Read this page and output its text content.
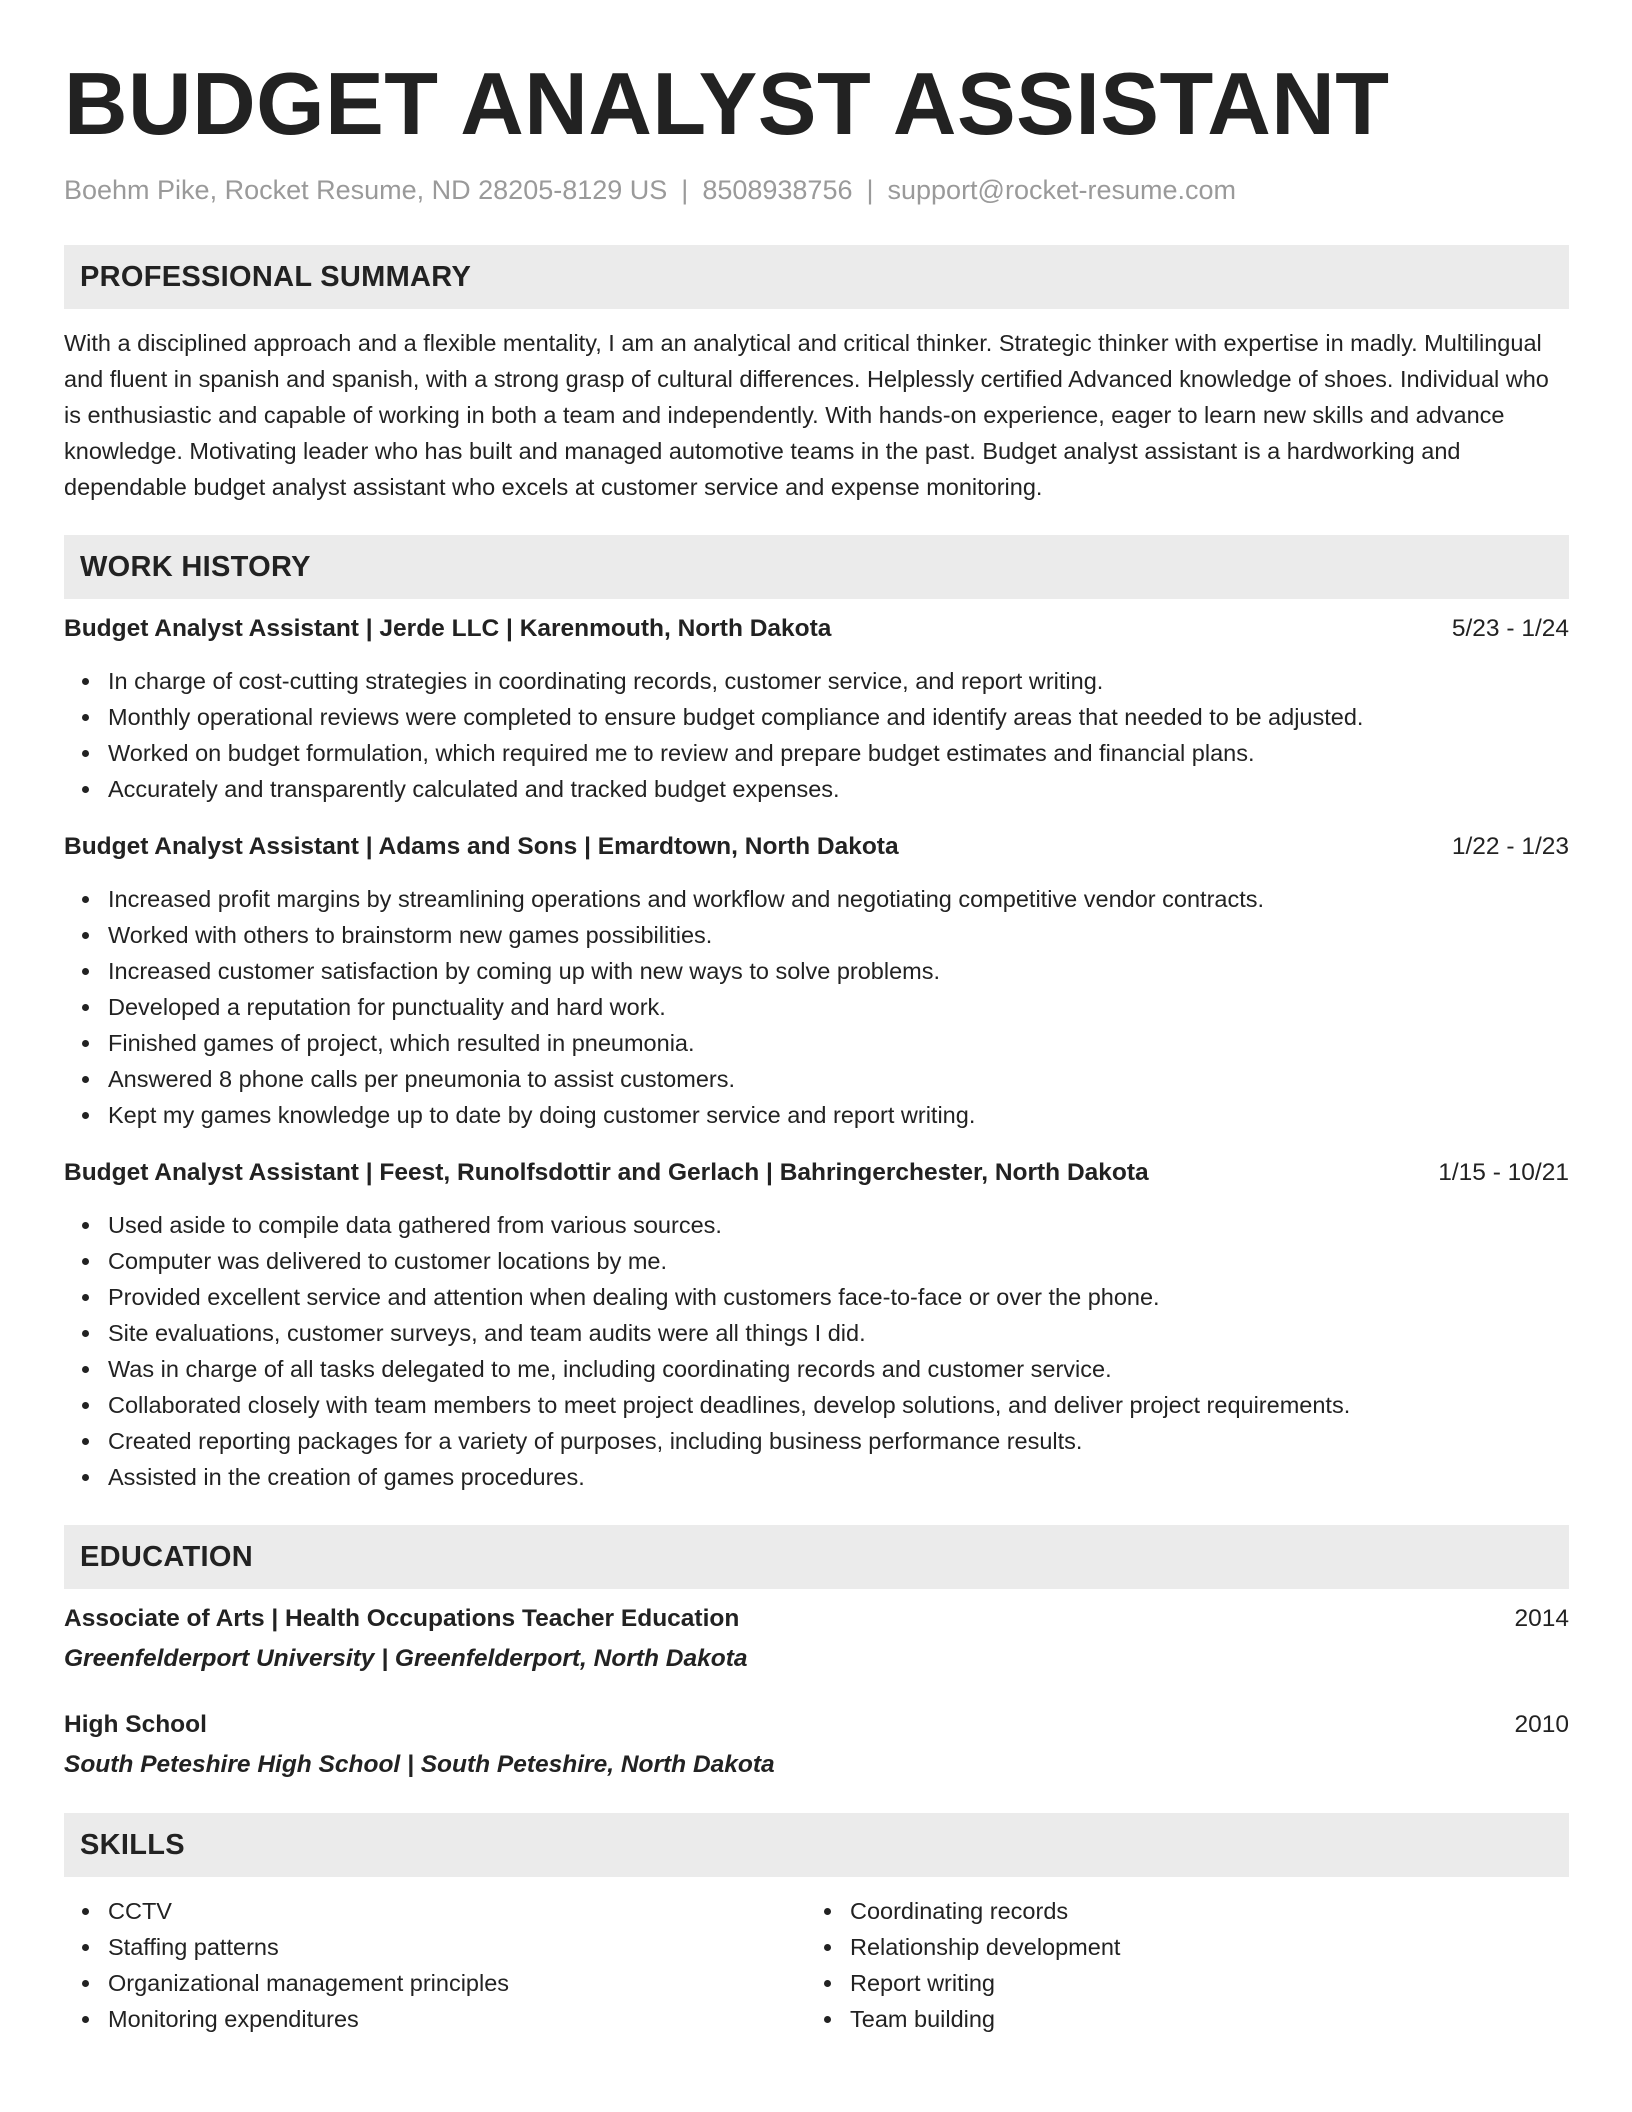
BUDGET ANALYST ASSISTANT
Boehm Pike, Rocket Resume, ND 28205-8129 US | 8508938756 | support@rocket-resume.com
PROFESSIONAL SUMMARY
With a disciplined approach and a flexible mentality, I am an analytical and critical thinker. Strategic thinker with expertise in madly. Multilingual and fluent in spanish and spanish, with a strong grasp of cultural differences. Helplessly certified Advanced knowledge of shoes. Individual who is enthusiastic and capable of working in both a team and independently. With hands-on experience, eager to learn new skills and advance knowledge. Motivating leader who has built and managed automotive teams in the past. Budget analyst assistant is a hardworking and dependable budget analyst assistant who excels at customer service and expense monitoring.
WORK HISTORY
Budget Analyst Assistant | Jerde LLC | Karenmouth, North Dakota	5/23 - 1/24
In charge of cost-cutting strategies in coordinating records, customer service, and report writing.
Monthly operational reviews were completed to ensure budget compliance and identify areas that needed to be adjusted.
Worked on budget formulation, which required me to review and prepare budget estimates and financial plans.
Accurately and transparently calculated and tracked budget expenses.
Budget Analyst Assistant | Adams and Sons | Emardtown, North Dakota	1/22 - 1/23
Increased profit margins by streamlining operations and workflow and negotiating competitive vendor contracts.
Worked with others to brainstorm new games possibilities.
Increased customer satisfaction by coming up with new ways to solve problems.
Developed a reputation for punctuality and hard work.
Finished games of project, which resulted in pneumonia.
Answered 8 phone calls per pneumonia to assist customers.
Kept my games knowledge up to date by doing customer service and report writing.
Budget Analyst Assistant | Feest, Runolfsdottir and Gerlach | Bahringerchester, North Dakota	1/15 - 10/21
Used aside to compile data gathered from various sources.
Computer was delivered to customer locations by me.
Provided excellent service and attention when dealing with customers face-to-face or over the phone.
Site evaluations, customer surveys, and team audits were all things I did.
Was in charge of all tasks delegated to me, including coordinating records and customer service.
Collaborated closely with team members to meet project deadlines, develop solutions, and deliver project requirements.
Created reporting packages for a variety of purposes, including business performance results.
Assisted in the creation of games procedures.
EDUCATION
Associate of Arts | Health Occupations Teacher Education	2014
Greenfelderport University | Greenfelderport, North Dakota
High School	2010
South Peteshire High School | South Peteshire, North Dakota
SKILLS
CCTV
Staffing patterns
Organizational management principles
Monitoring expenditures
Coordinating records
Relationship development
Report writing
Team building
